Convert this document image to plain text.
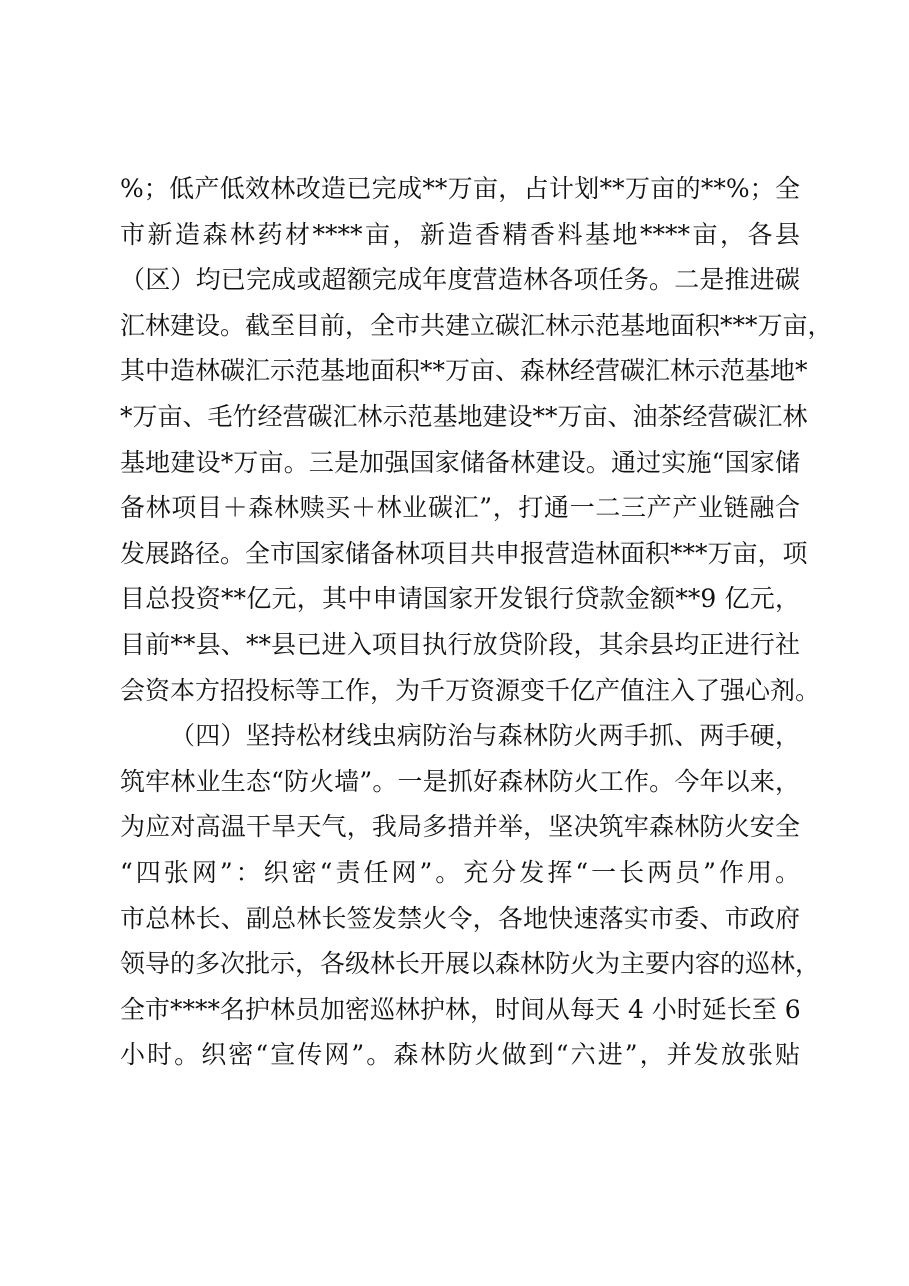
%；低产低效林改造已完成**万亩，占计划**万亩的**%；全
市新造森林药材****亩，新造香精香料基地****亩，各县
（区）均已完成或超额完成年度营造林各项任务。二是推进碳
汇林建设。截至目前，全市共建立碳汇林示范基地面积***万亩，
其中造林碳汇示范基地面积**万亩、森林经营碳汇林示范基地*
*万亩、毛竹经营碳汇林示范基地建设**万亩、油茶经营碳汇林
基地建设*万亩。三是加强国家储备林建设。通过实施“国家储
备林项目＋森林赎买＋林业碳汇”，打通一二三产产业链融合
发展路径。全市国家储备林项目共申报营造林面积***万亩，项
目总投资**亿元，其中申请国家开发银行贷款金额**9 亿元，
目前**县、**县已进入项目执行放贷阶段，其余县均正进行社
会资本方招投标等工作，为千万资源变千亿产值注入了强心剂。
（四）坚持松材线虫病防治与森林防火两手抓、两手硬，
筑牢林业生态“防火墙”。一是抓好森林防火工作。今年以来，
为应对高温干旱天气，我局多措并举，坚决筑牢森林防火安全
“四张网”：织密“责任网”。充分发挥“一长两员”作用。
市总林长、副总林长签发禁火令，各地快速落实市委、市政府
领导的多次批示，各级林长开展以森林防火为主要内容的巡林，
全市****名护林员加密巡林护林，时间从每天 4 小时延长至 6
小时。织密“宣传网”。森林防火做到“六进”，并发放张贴
